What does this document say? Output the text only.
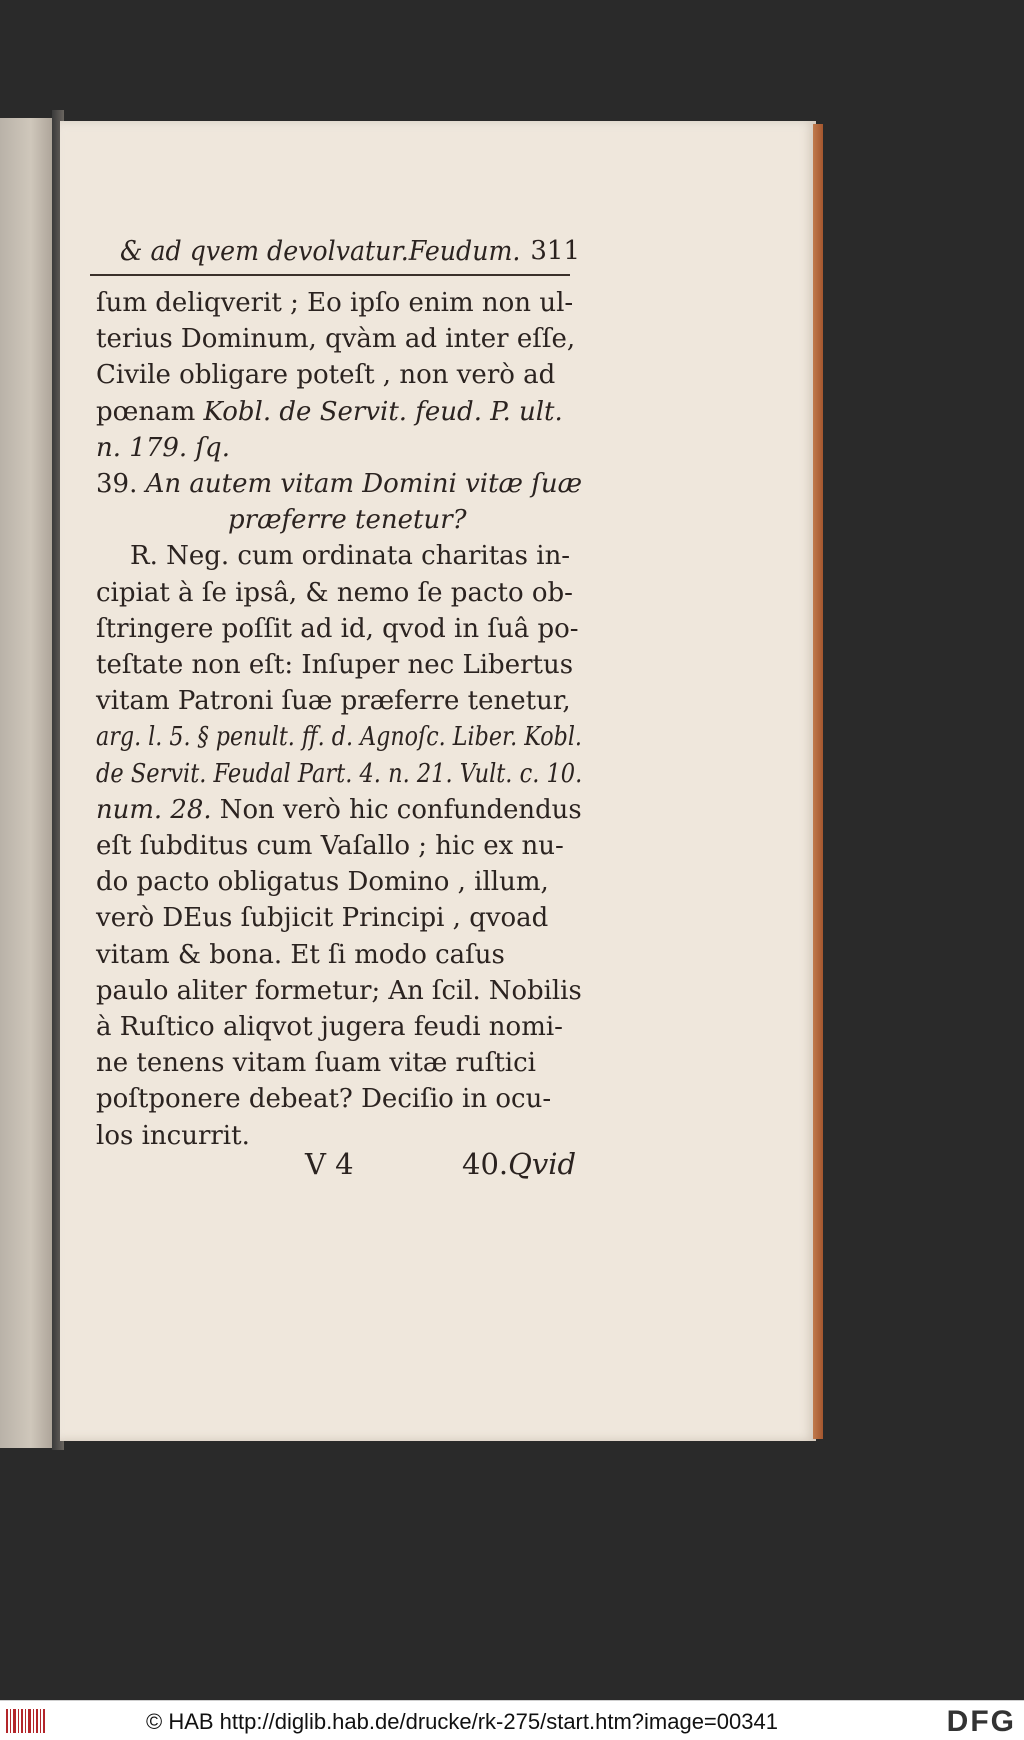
& ad qvem devolvatur.Feudum. 311
ſum deliqverit ; Eo ipſo enim non ul-
terius Dominum, qvàm ad inter eſſe,
Civile obligare poteſt , non verò ad
pœnam Kobl. de Servit. feud. P. ult.
n. 179. ſq.
39. An autem vitam Domini vitæ ſuæ
præferre tenetur?
R. Neg. cum ordinata charitas in-
cipiat à ſe ipsâ, & nemo ſe pacto ob-
ſtringere poſſit ad id, qvod in ſuâ po-
teſtate non eſt: Inſuper nec Libertus
vitam Patroni ſuæ præferre tenetur,
arg. l. 5. § penult. ff. d. Agnoſc. Liber. Kobl.
de Servit. Feudal Part. 4. n. 21. Vult. c. 10.
num. 28. Non verò hic confundendus
eſt ſubditus cum Vaſallo ; hic ex nu-
do pacto obligatus Domino , illum,
verò DEus ſubjicit Principi , qvoad
vitam & bona. Et ſi modo caſus
paulo aliter formetur; An ſcil. Nobilis
à Ruſtico aliqvot jugera feudi nomi-
ne tenens vitam ſuam vitæ ruſtici
poſtponere debeat? Deciſio in ocu-
los incurrit.
V 4	40.Qvid
© HAB http://diglib.hab.de/drucke/rk-275/start.htm?image=00341	DFG
